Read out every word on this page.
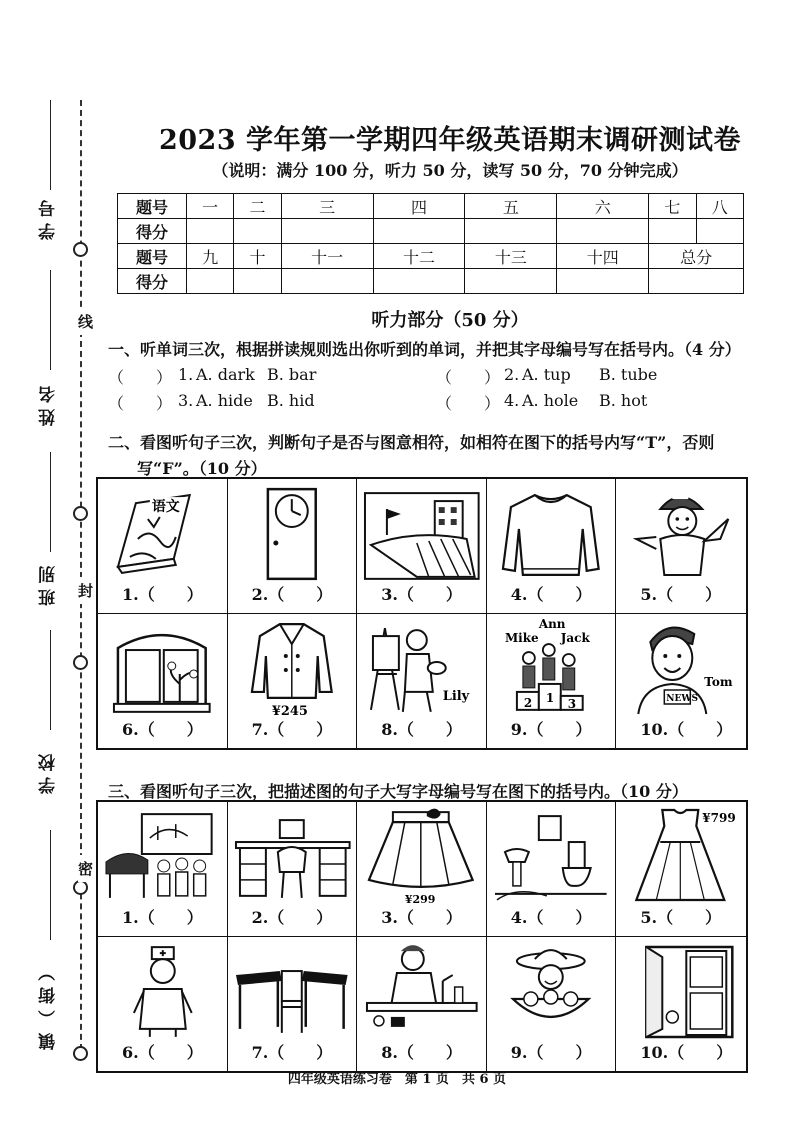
线
封
密
学号
姓名
班别
学校
镇（街）
2023 学年第一学期四年级英语期末调研测试卷
（说明：满分 100 分，听力 50 分，读写 50 分，70 分钟完成）
题号	一	二	三	四	五	六	七	八
得分								
题号	九	十	十一	十二	十三	十四	总分	
得分								
听力部分（50 分）
一、听单词三次，根据拼读规则选出你听到的单词，并把其字母编号写在括号内。（4 分）
（　　） 1. A. dark B. bar	（　　） 2. A. tup B. tube
（　　） 3. A. hide B. hid	（　　） 4. A. hole B. hot
二、看图听句子三次，判断句子是否与图意相符，如相符在图下的括号内写“T”，否则
写“F”。（10 分）
语文
1.（　　）	2.（　　）	3.（　　）	4.（　　）	5.（　　）
6.（　　）
¥245
7.（　　）
Lily
8.（　　）
Ann
Mike Jack
2 1 3
9.（　　）
NEWS
Tom
10.（　　）
三、看图听句子三次，把描述图的句子大写字母编号写在图下的括号内。（10 分）
1.（　　）	2.（　　）
¥299
3.（　　）	4.（　　）
¥799
5.（　　）
6.（　　）	7.（　　）	8.（　　）	9.（　　）	10.（　　）
四年级英语练习卷　第 1 页　共 6 页
